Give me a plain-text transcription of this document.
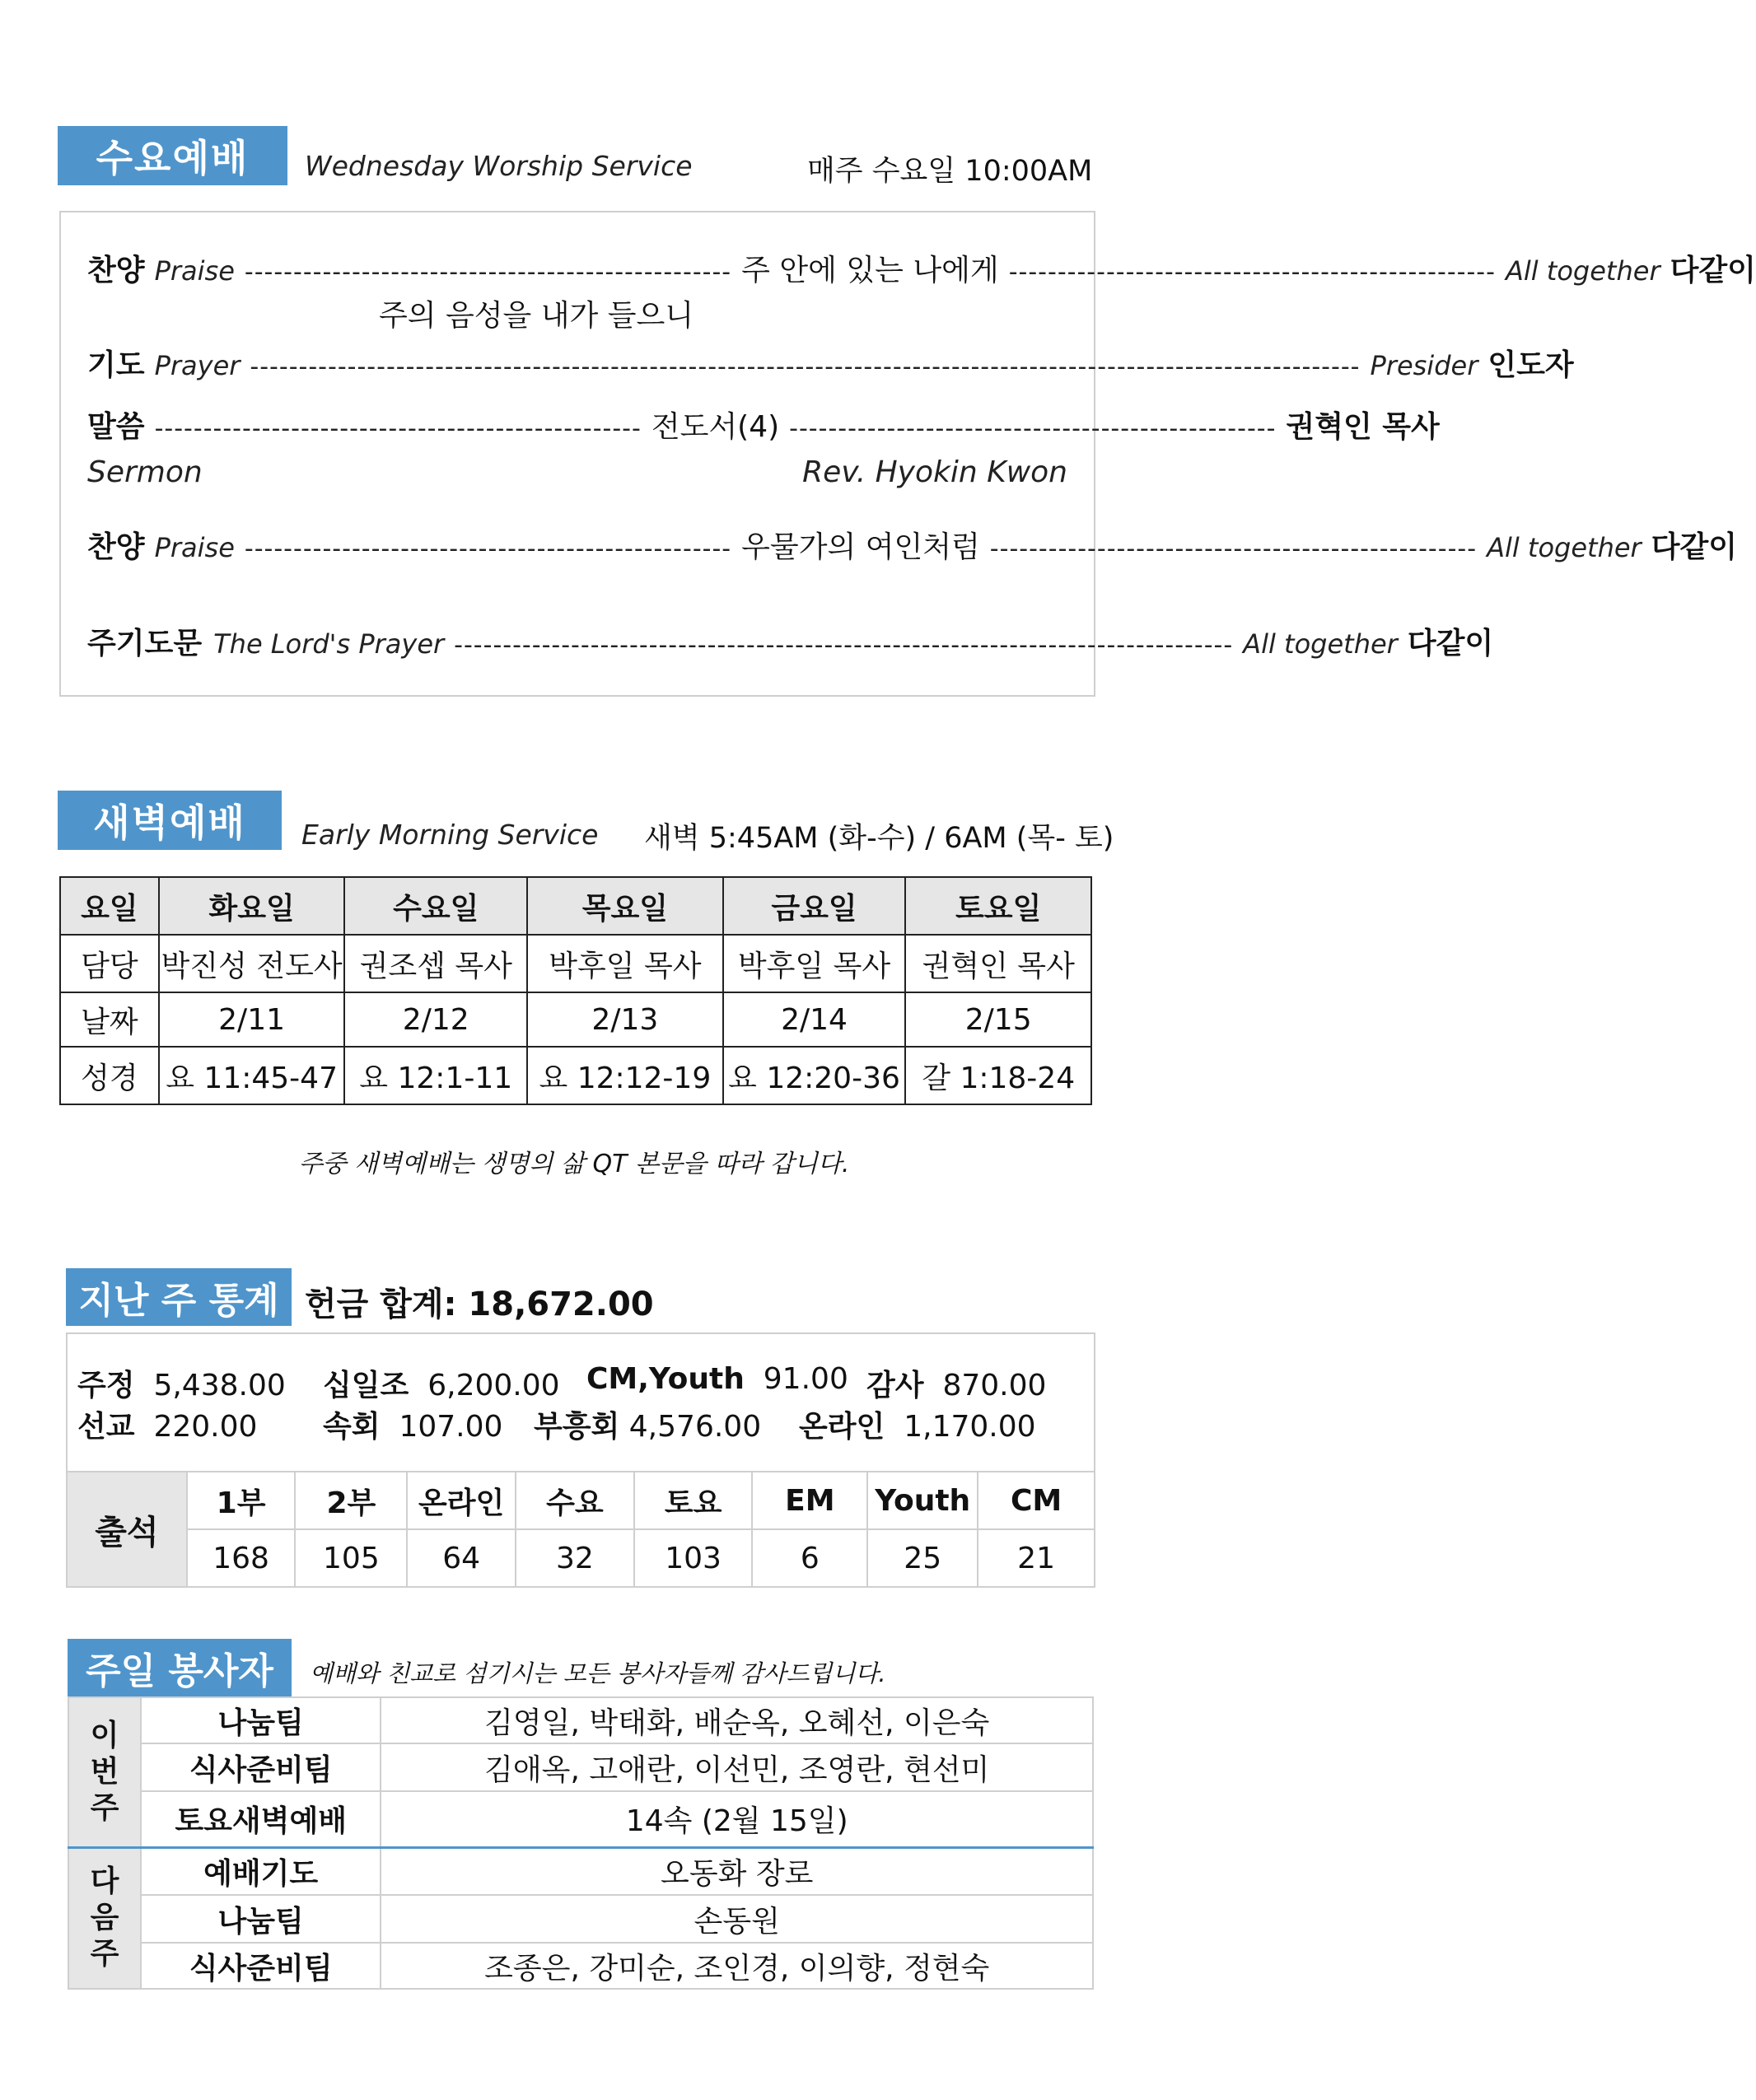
수요예배	Wednesday Worship Service	매주 수요일 10:00AM
찬양 Praise -------------------------------------------------- 주 안에 있는 나에게 -------------------------------------------------- All together 다같이
주의 음성을 내가 들으니
기도 Prayer ------------------------------------------------------------------------------------------------------------------ Presider 인도자
말씀 -------------------------------------------------- 전도서(4) -------------------------------------------------- 권혁인 목사
Sermon	Rev. Hyokin Kwon
찬양 Praise -------------------------------------------------- 우물가의 여인처럼 -------------------------------------------------- All together 다같이
주기도문 The Lord's Prayer -------------------------------------------------------------------------------- All together 다같이
새벽예배	Early Morning Service 새벽 5:45AM (화-수) / 6AM (목- 토)
요일	화요일	수요일	목요일	금요일	토요일
담당	박진성 전도사	권조셉 목사	박후일 목사	박후일 목사	권혁인 목사
날짜	2/11	2/12	2/13	2/14	2/15
성경	요 11:45-47	요 12:1-11	요 12:12-19	요 12:20-36	갈 1:18-24
주중 새벽예배는 생명의 삶 QT 본문을 따라 갑니다.
지난 주 통계 헌금 합계: 18,672.00
주정 5,438.00 십일조 6,200.00 CM,Youth 91.00 감사 870.00
선교 220.00 속회 107.00 부흥회 4,576.00 온라인 1,170.00
출석	1부	2부	온라인	수요	토요	EM	Youth	CM
	168	105	64	32	103	6	25	21
주일 봉사자	예배와 친교로 섬기시는 모든 봉사자들께 감사드립니다.
이번주	나눔팀	김영일, 박태화, 배순옥, 오혜선, 이은숙
	식사준비팀	김애옥, 고애란, 이선민, 조영란, 현선미
	토요새벽예배	14속 (2월 15일)

다음주	예배기도	오동화 장로
	나눔팀	손동원
	식사준비팀	조종은, 강미순, 조인경, 이의향, 정현숙
